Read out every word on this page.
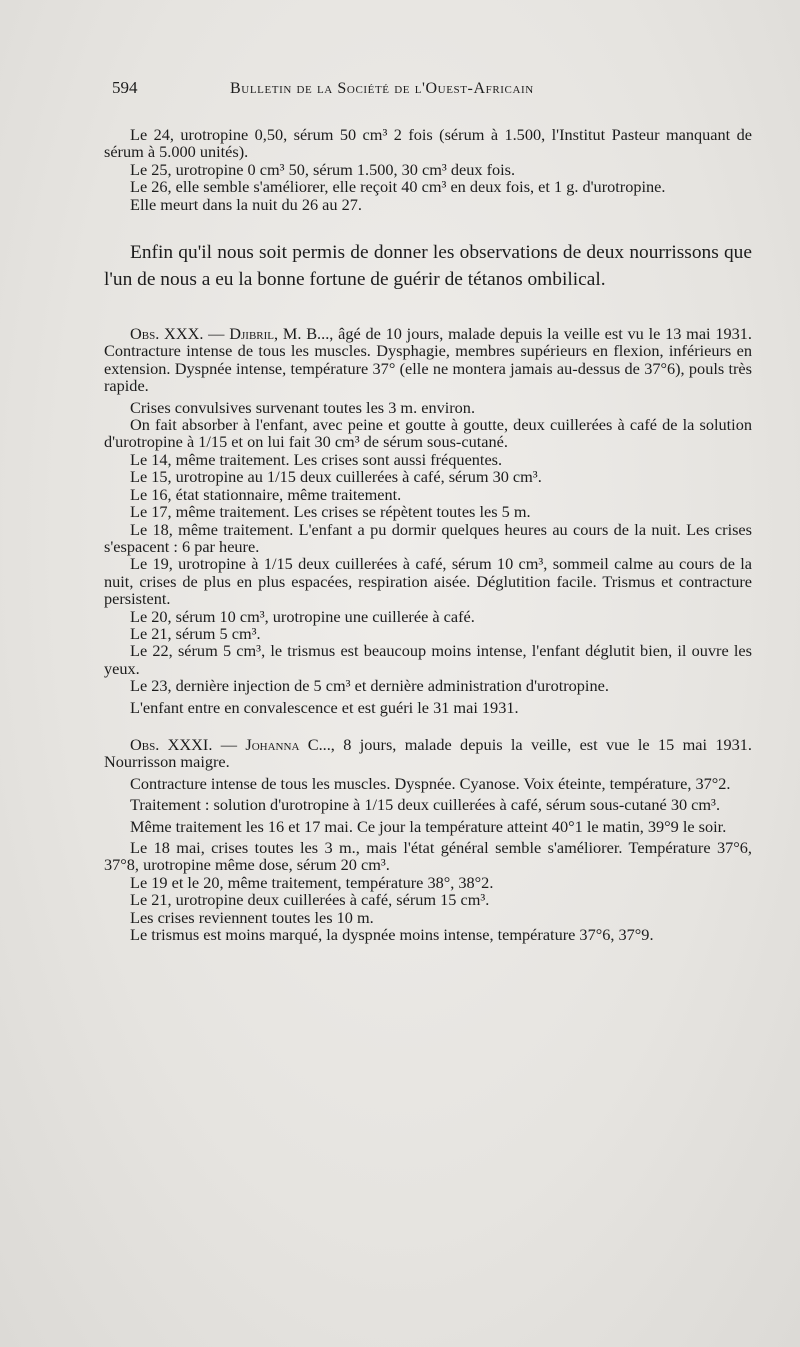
594	Bulletin de la Société de l'Ouest-Africain

Le 24, urotropine 0,50, sérum 50 cm³ 2 fois (sérum à 1.500, l'Institut Pasteur manquant de sérum à 5.000 unités).

Le 25, urotropine 0 cm³ 50, sérum 1.500, 30 cm³ deux fois.

Le 26, elle semble s'améliorer, elle reçoit 40 cm³ en deux fois, et 1 g. d'urotropine.

Elle meurt dans la nuit du 26 au 27.

Enfin qu'il nous soit permis de donner les observations de deux nourrissons que l'un de nous a eu la bonne fortune de guérir de tétanos ombilical.

Obs. XXX. — Djibril, M. B..., âgé de 10 jours, malade depuis la veille est vu le 13 mai 1931. Contracture intense de tous les muscles. Dysphagie, membres supérieurs en flexion, inférieurs en extension. Dyspnée intense, température 37° (elle ne montera jamais au-dessus de 37°6), pouls très rapide.

Crises convulsives survenant toutes les 3 m. environ.

On fait absorber à l'enfant, avec peine et goutte à goutte, deux cuillerées à café de la solution d'urotropine à 1/15 et on lui fait 30 cm³ de sérum sous-cutané.

Le 14, même traitement. Les crises sont aussi fréquentes.

Le 15, urotropine au 1/15 deux cuillerées à café, sérum 30 cm³.

Le 16, état stationnaire, même traitement.

Le 17, même traitement. Les crises se répètent toutes les 5 m.

Le 18, même traitement. L'enfant a pu dormir quelques heures au cours de la nuit. Les crises s'espacent : 6 par heure.

Le 19, urotropine à 1/15 deux cuillerées à café, sérum 10 cm³, sommeil calme au cours de la nuit, crises de plus en plus espacées, respiration aisée. Déglutition facile. Trismus et contracture persistent.

Le 20, sérum 10 cm³, urotropine une cuillerée à café.

Le 21, sérum 5 cm³.

Le 22, sérum 5 cm³, le trismus est beaucoup moins intense, l'enfant déglutit bien, il ouvre les yeux.

Le 23, dernière injection de 5 cm³ et dernière administration d'urotropine.

L'enfant entre en convalescence et est guéri le 31 mai 1931.

Obs. XXXI. — Johanna C..., 8 jours, malade depuis la veille, est vue le 15 mai 1931. Nourrisson maigre.

Contracture intense de tous les muscles. Dyspnée. Cyanose. Voix éteinte, température, 37°2.

Traitement : solution d'urotropine à 1/15 deux cuillerées à café, sérum sous-cutané 30 cm³.

Même traitement les 16 et 17 mai. Ce jour la température atteint 40°1 le matin, 39°9 le soir.

Le 18 mai, crises toutes les 3 m., mais l'état général semble s'améliorer. Température 37°6, 37°8, urotropine même dose, sérum 20 cm³.

Le 19 et le 20, même traitement, température 38°, 38°2.

Le 21, urotropine deux cuillerées à café, sérum 15 cm³.

Les crises reviennent toutes les 10 m.

Le trismus est moins marqué, la dyspnée moins intense, température 37°6, 37°9.
